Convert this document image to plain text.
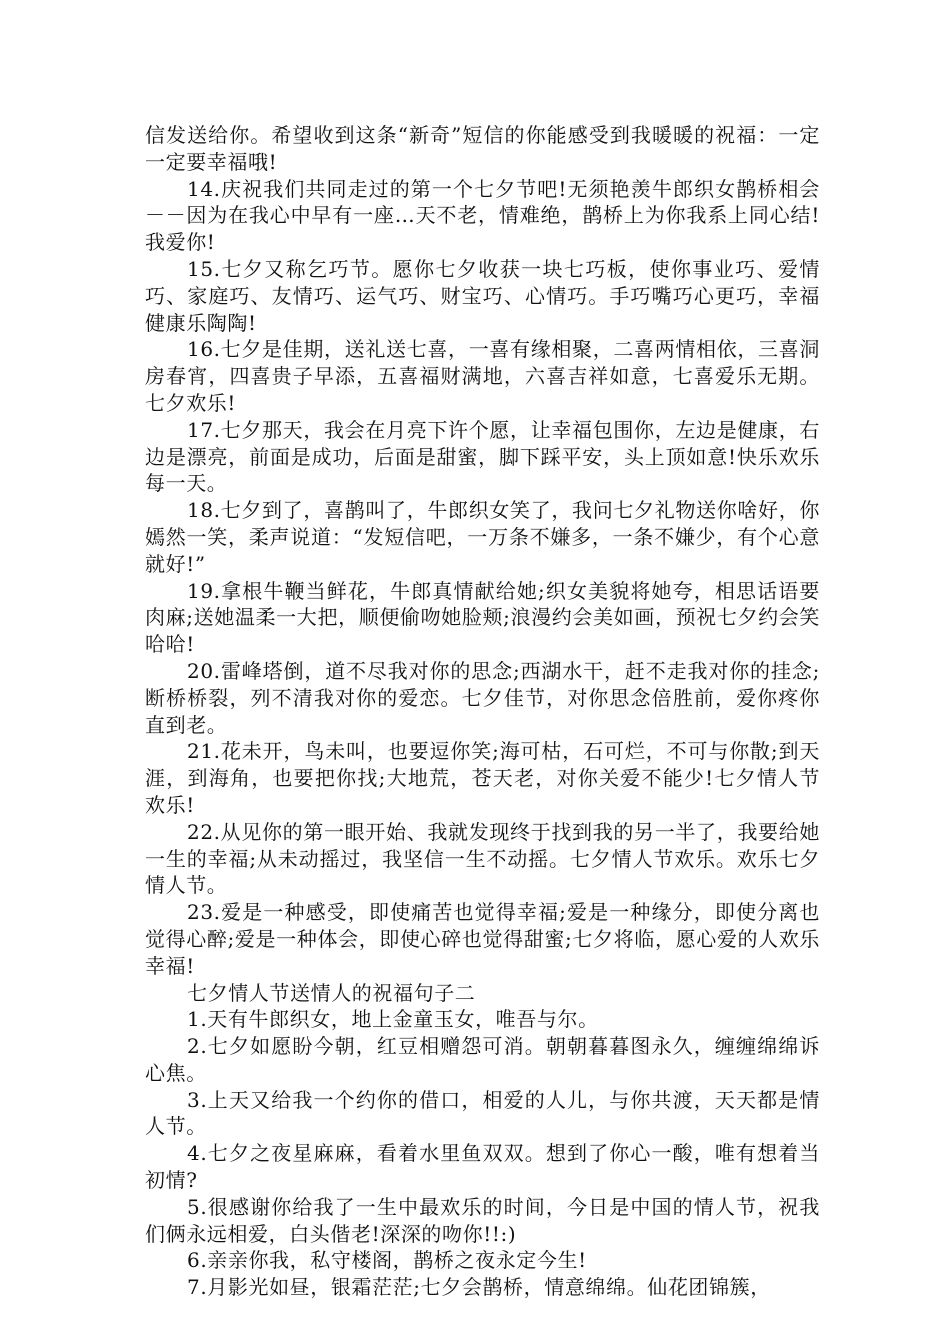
信发送给你。希望收到这条“新奇”短信的你能感受到我暖暖的祝福：一定一定要幸福哦!

14.庆祝我们共同走过的第一个七夕节吧!无须艳羡牛郎织女鹊桥相会－－因为在我心中早有一座…天不老，情难绝，鹊桥上为你我系上同心结!我爱你!

15.七夕又称乞巧节。愿你七夕收获一块七巧板，使你事业巧、爱情巧、家庭巧、友情巧、运气巧、财宝巧、心情巧。手巧嘴巧心更巧，幸福健康乐陶陶!

16.七夕是佳期，送礼送七喜，一喜有缘相聚，二喜两情相依，三喜洞房春宵，四喜贵子早添，五喜福财满地，六喜吉祥如意，七喜爱乐无期。七夕欢乐!

17.七夕那天，我会在月亮下许个愿，让幸福包围你，左边是健康，右边是漂亮，前面是成功，后面是甜蜜，脚下踩平安，头上顶如意!快乐欢乐每一天。

18.七夕到了，喜鹊叫了，牛郎织女笑了，我问七夕礼物送你啥好，你嫣然一笑，柔声说道：“发短信吧，一万条不嫌多，一条不嫌少，有个心意就好!”

19.拿根牛鞭当鲜花，牛郎真情献给她;织女美貌将她夸，相思话语要肉麻;送她温柔一大把，顺便偷吻她脸颊;浪漫约会美如画，预祝七夕约会笑哈哈!

20.雷峰塔倒，道不尽我对你的思念;西湖水干，赶不走我对你的挂念;断桥桥裂，列不清我对你的爱恋。七夕佳节，对你思念倍胜前，爱你疼你直到老。

21.花未开，鸟未叫，也要逗你笑;海可枯，石可烂，不可与你散;到天涯，到海角，也要把你找;大地荒，苍天老，对你关爱不能少!七夕情人节欢乐!

22.从见你的第一眼开始、我就发现终于找到我的另一半了，我要给她一生的幸福;从未动摇过，我坚信一生不动摇。七夕情人节欢乐。欢乐七夕情人节。

23.爱是一种感受，即使痛苦也觉得幸福;爱是一种缘分，即使分离也觉得心醉;爱是一种体会，即使心碎也觉得甜蜜;七夕将临，愿心爱的人欢乐幸福!

七夕情人节送情人的祝福句子二

1.天有牛郎织女，地上金童玉女，唯吾与尔。

2.七夕如愿盼今朝，红豆相赠怨可消。朝朝暮暮图永久，缠缠绵绵诉心焦。

3.上天又给我一个约你的借口，相爱的人儿，与你共渡，天天都是情人节。

4.七夕之夜星麻麻，看着水里鱼双双。想到了你心一酸，唯有想着当初情?

5.很感谢你给我了一生中最欢乐的时间，今日是中国的情人节，祝我们俩永远相爱，白头偕老!深深的吻你!!:)

6.亲亲你我，私守楼阁，鹊桥之夜永定今生!

7.月影光如昼，银霜茫茫;七夕会鹊桥，情意绵绵。仙花团锦簇，
